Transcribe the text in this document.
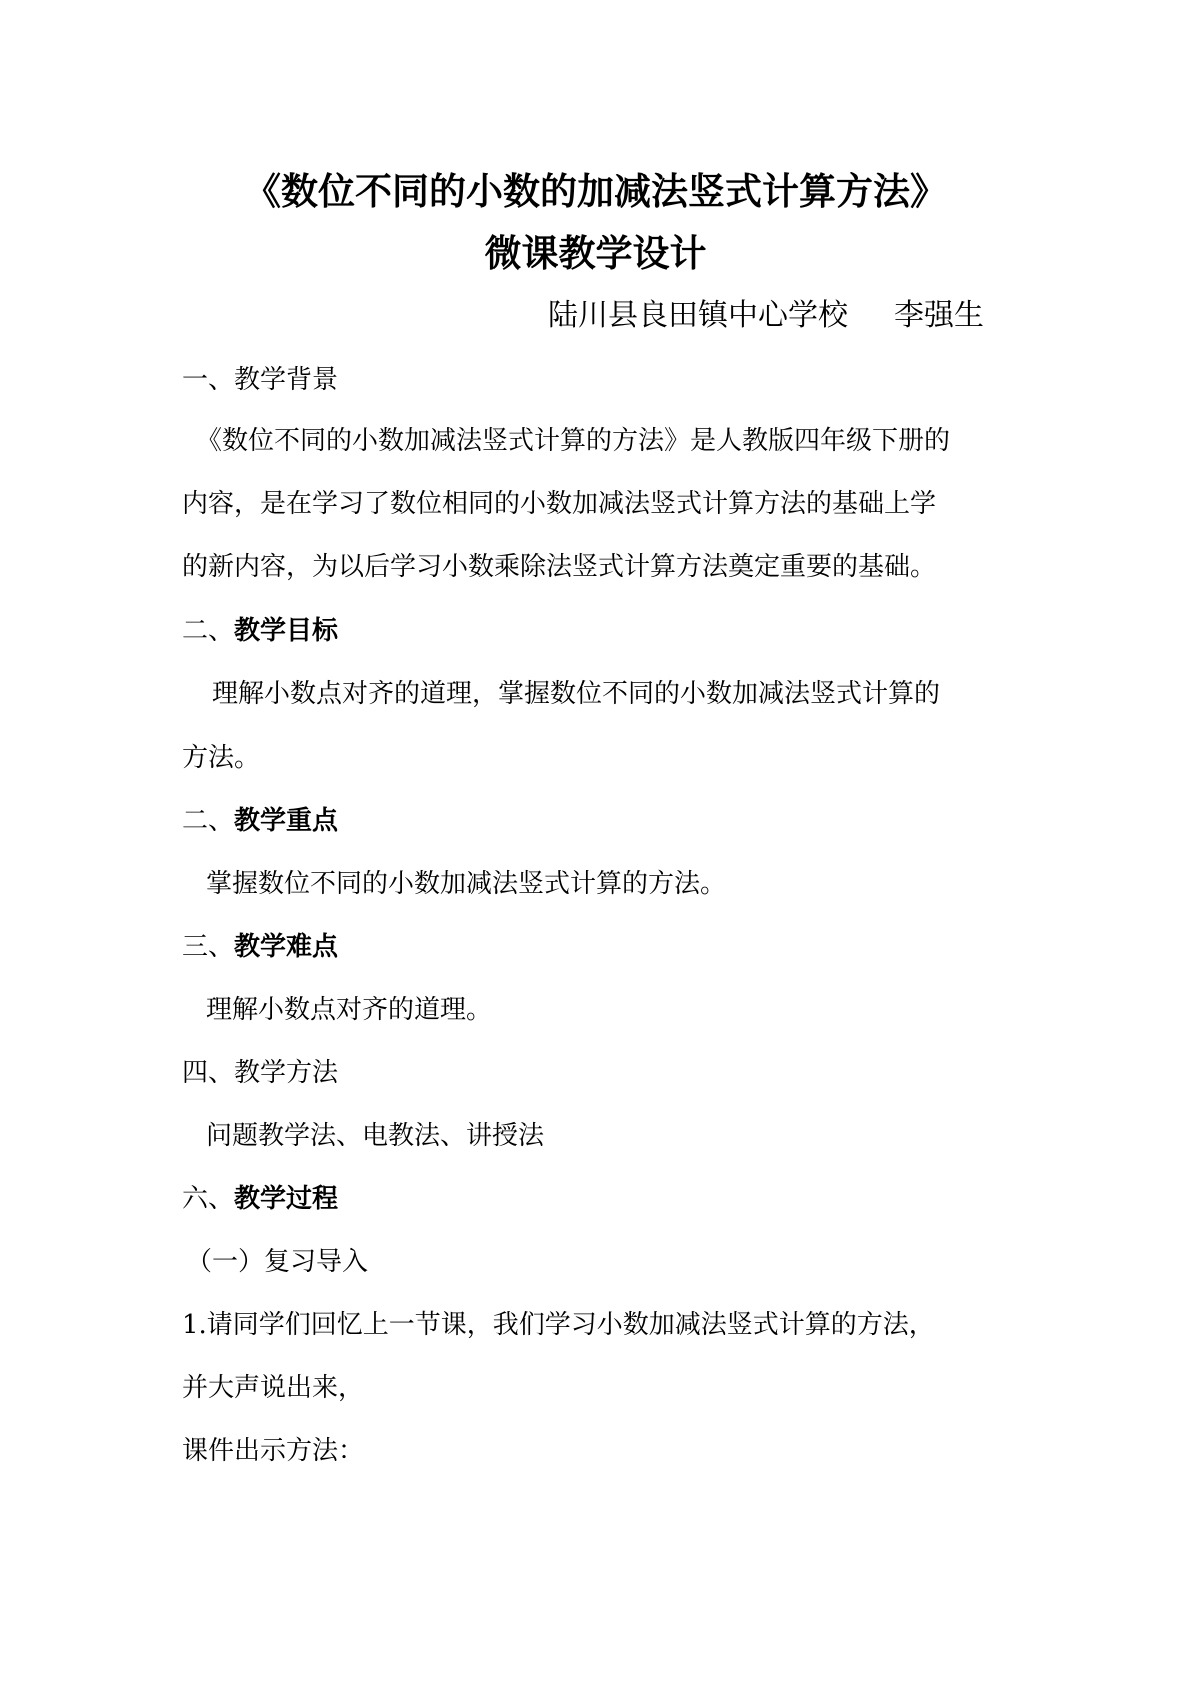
《数位不同的小数的加减法竖式计算方法》
微课教学设计
陆川县良田镇中心学校 李强生
一、教学背景
《数位不同的小数加减法竖式计算的方法》是人教版四年级下册的
内容，是在学习了数位相同的小数加减法竖式计算方法的基础上学
的新内容，为以后学习小数乘除法竖式计算方法奠定重要的基础。
二、教学目标
理解小数点对齐的道理，掌握数位不同的小数加减法竖式计算的
方法。
二、教学重点
掌握数位不同的小数加减法竖式计算的方法。
三、教学难点
理解小数点对齐的道理。
四、教学方法
问题教学法、电教法、讲授法
六、教学过程
（一）复习导入
1.请同学们回忆上一节课，我们学习小数加减法竖式计算的方法，
并大声说出来，
课件出示方法：
